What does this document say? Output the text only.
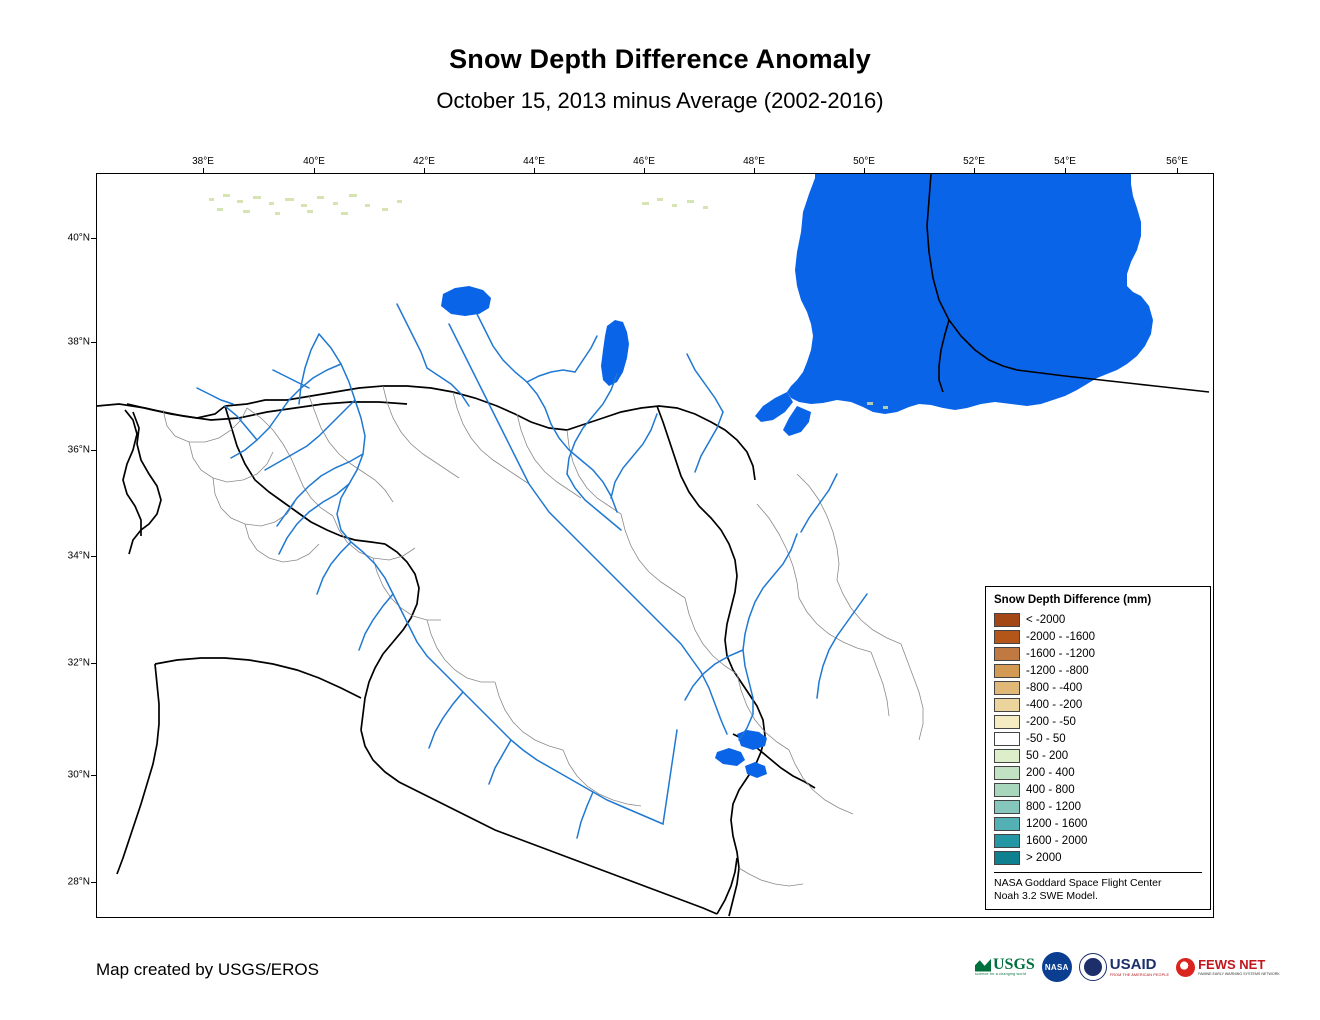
Snow Depth Difference Anomaly
October 15, 2013 minus Average (2002-2016)
38°E	40°E	42°E	44°E	46°E	48°E	50°E	52°E	54°E	56°E
40°N
38°N
36°N
34°N
32°N
30°N
28°N
Snow Depth Difference (mm)
< -2000
-2000 - -1600
-1600 - -1200
-1200 - -800
-800 - -400
-400 - -200
-200 - -50
-50 - 50
50 - 200
200 - 400
400 - 800
800 - 1200
1200 - 1600
1600 - 2000
> 2000
NASA Goddard Space Flight Center
Noah 3.2 SWE Model.
Map created by USGS/EROS	USGS
science for a changing world
NASA	USAID
FROM THE AMERICAN PEOPLE
FEWS NET
FAMINE EARLY WARNING SYSTEMS NETWORK
